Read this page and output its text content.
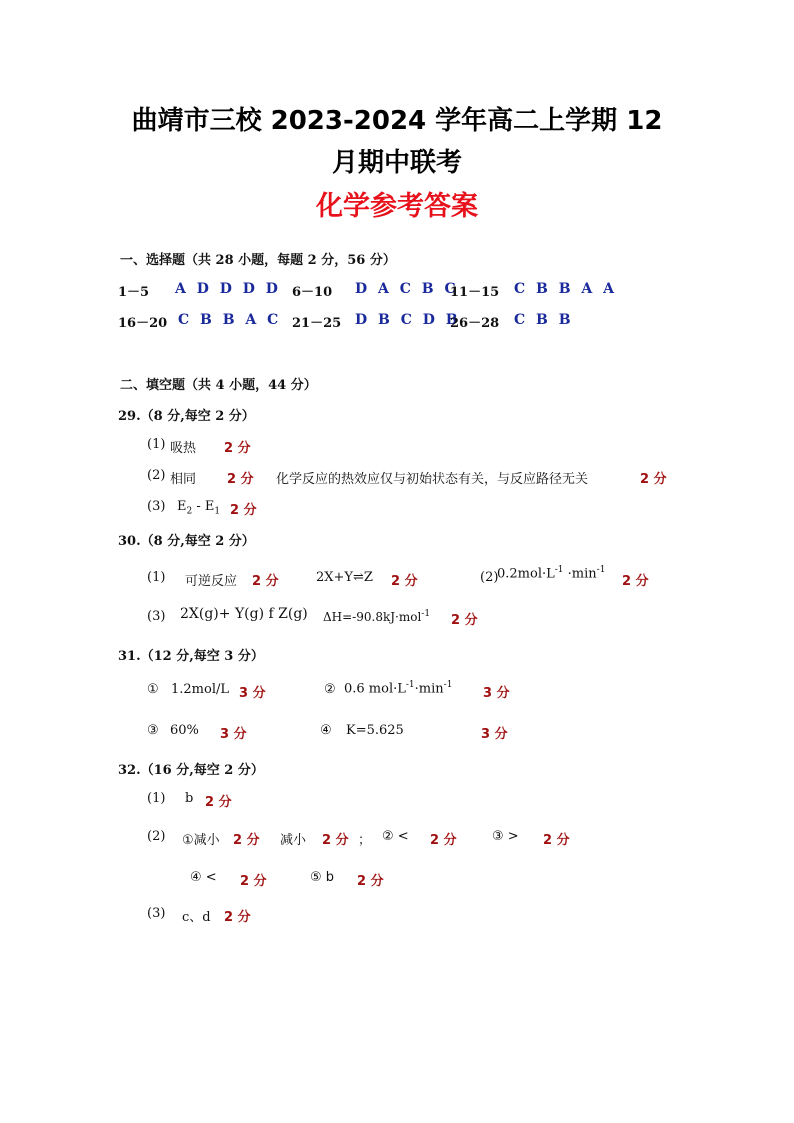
曲靖市三校 2023-2024 学年高二上学期 12
月期中联考
化学参考答案
一、选择题（共 28 小题，每题 2 分，56 分）
1－5 A D D D D 6－10 D A C B C
11－15 C B B A A
16－20 C B B A C 21－25 D B C D B
26－28 C B B
二、填空题（共 4 小题，44 分）
29.（8 分,每空 2 分）
(1) 吸热 2 分
(2) 相同 2 分 化学反应的热效应仅与初始状态有关，与反应路径无关	2 分
(3) $E_2 - E_1$ 2 分
30.（8 分,每空 2 分）
(1) 可逆反应 2 分	2X+Y⇌Z 2 分	(2)
$0.2mol\cdot L^{-1} \cdot\min^{-1}$
2 分
(3) 2X(g)+ Y(g) f Z(g) ΔH=-90.8kJ·mol$^{-1}$ 2 分
31.（12 分,每空 3 分）
① 1.2mol/L 3 分	② 0.6 $mol\cdot L^{-1}\cdot\min^{-1}$
3 分
③ 60% 3 分	④ K=5.625	3 分
32.（16 分,每空 2 分）
(1) b 2 分
(2) ①减小 2 分 减小 2 分 ； ② < 2 分	③ > 2 分
④ < 2 分	⑤ b 2 分
(3) c、d 2 分
